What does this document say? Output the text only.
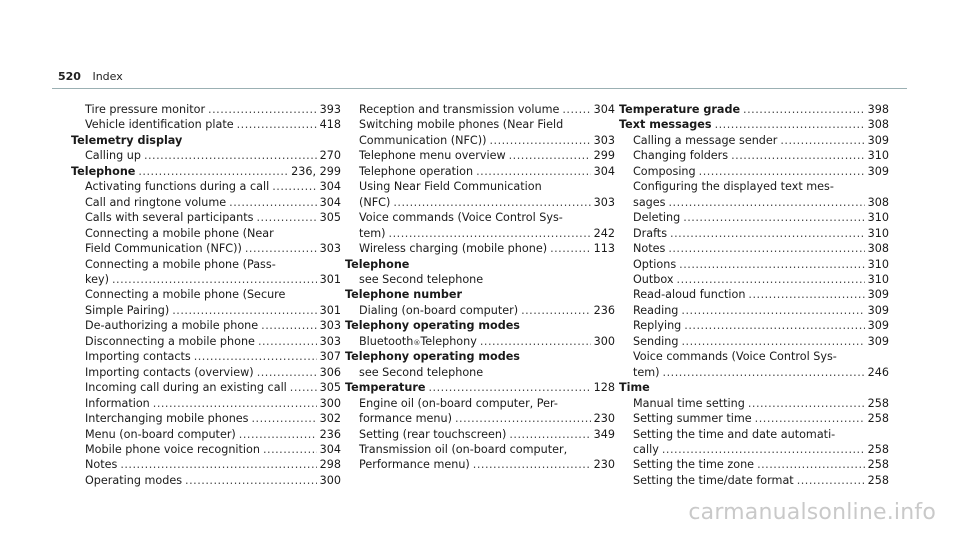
520 Index
Tire pressure monitor .....	393
Vehicle identification plate .....	418
Telemetry display
Calling up .....	270
Telephone .....	236, 299
Activating functions during a call .....	304
Call and ringtone volume .....	304
Calls with several participants .....	305
Connecting a mobile phone (Near
Field Communication (NFC)) .....	303
Connecting a mobile phone (Pass-
key) .....	301
Connecting a mobile phone (Secure
Simple Pairing) .....	301
De-authorizing a mobile phone .....	303
Disconnecting a mobile phone .....	303
Importing contacts .....	307
Importing contacts (overview) .....	306
Incoming call during an existing call .....	305
Information .....	300
Interchanging mobile phones .....	302
Menu (on-board computer) .....	236
Mobile phone voice recognition .....	304
Notes .....	298
Operating modes .....	300
Reception and transmission volume .....	304
Switching mobile phones (Near Field
Communication (NFC)) .....	303
Telephone menu overview .....	299
Telephone operation .....	304
Using Near Field Communication
(NFC) .....	303
Voice commands (Voice Control Sys-
tem) .....	242
Wireless charging (mobile phone) .....	113
Telephone
see Second telephone
Telephone number
Dialing (on-board computer) .....	236
Telephony operating modes
Bluetooth ® Telephony .....	300
Telephony operating modes
see Second telephone
Temperature .....	128
Engine oil (on-board computer, Per-
formance menu) .....	230
Setting (rear touchscreen) .....	349
Transmission oil (on-board computer,
Performance menu) .....	230
Temperature grade .....	398
Text messages .....	308
Calling a message sender .....	309
Changing folders .....	310
Composing .....	309
Configuring the displayed text mes-
sages .....	308
Deleting .....	310
Drafts .....	310
Notes .....	308
Options .....	310
Outbox .....	310
Read-aloud function .....	309
Reading .....	309
Replying .....	309
Sending .....	309
Voice commands (Voice Control Sys-
tem) .....	246
Time
Manual time setting .....	258
Setting summer time .....	258
Setting the time and date automati-
cally .....	258
Setting the time zone .....	258
Setting the time/date format .....	258
carmanualsonline.info
